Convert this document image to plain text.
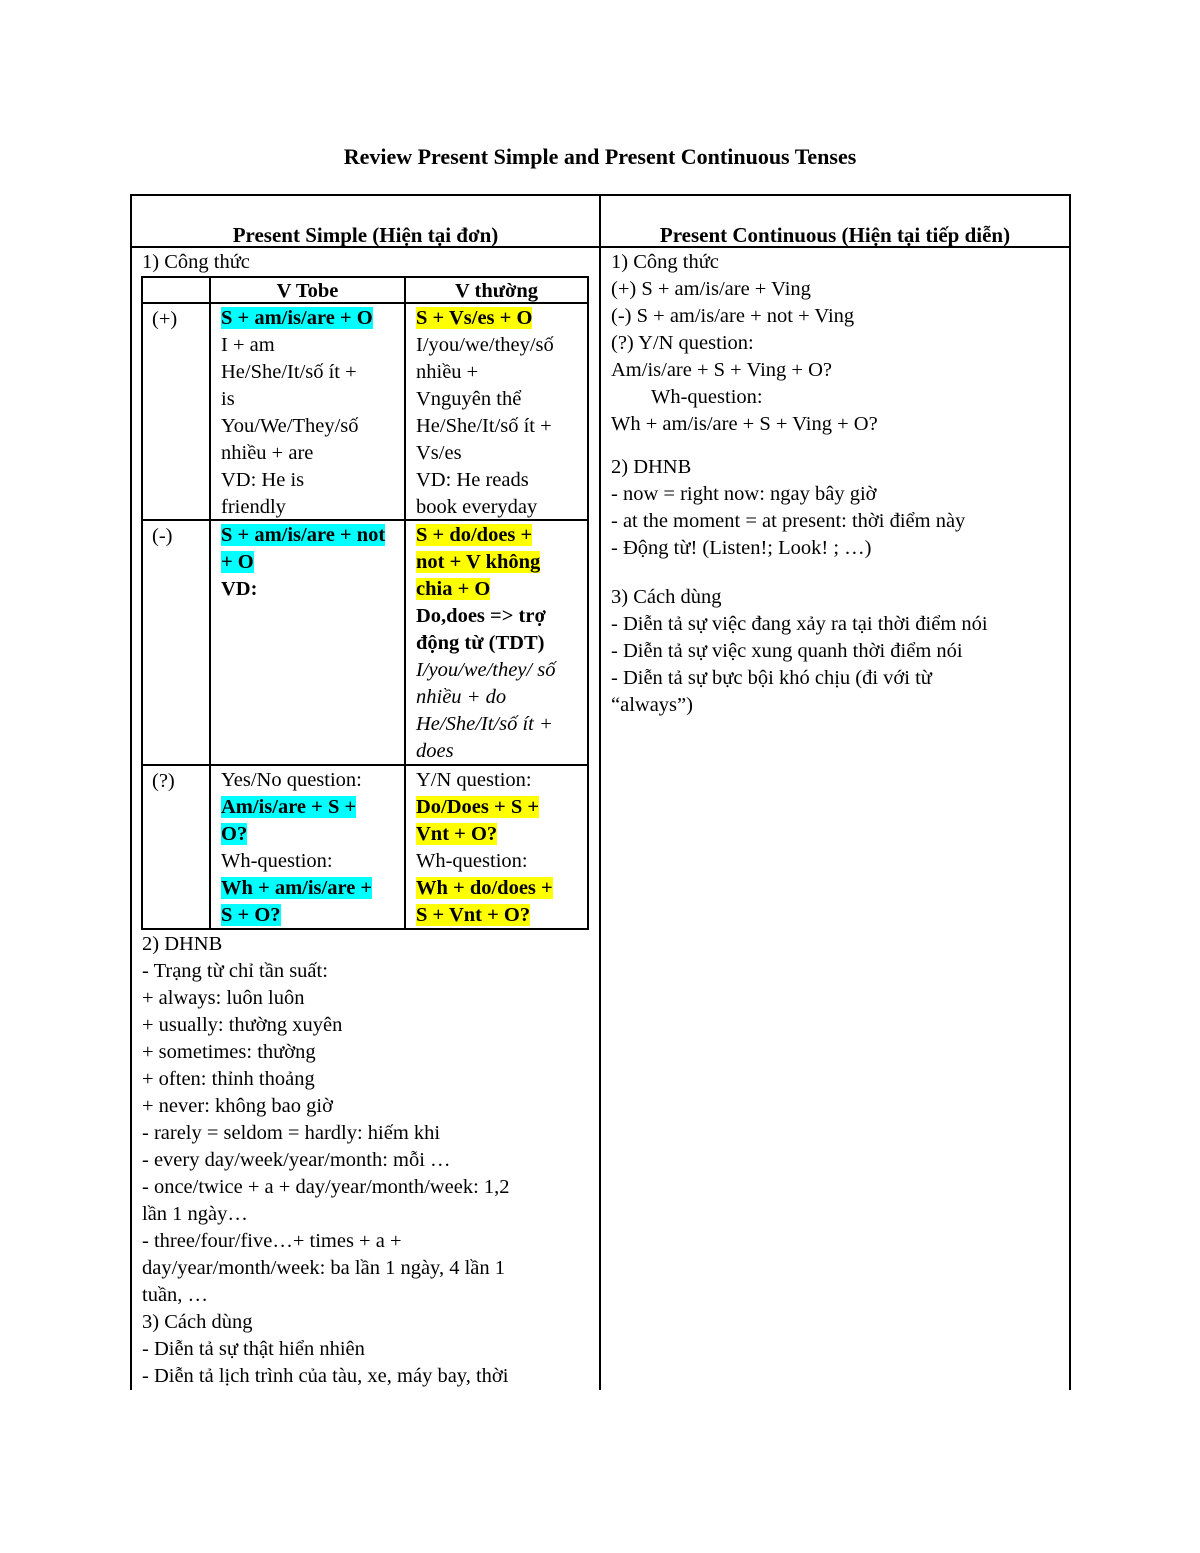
Review Present Simple and Present Continuous Tenses
Present Simple (Hiện tại đơn)	Present Continuous (Hiện tại tiếp diễn)
1) Công thức
V Tobe	V thường
(+)
(-)
(?)
S + am/is/are + O
I + am
He/She/It/số ít +
is
You/We/They/số
nhiều + are
VD: He is
friendly
S + Vs/es + O
I/you/we/they/số
nhiều +
Vnguyên thể
He/She/It/số ít +
Vs/es
VD: He reads
book everyday
S + am/is/are + not
+ O
VD:
S + do/does +
not + V không
chia + O
Do,does => trợ
động từ (TDT)
I/you/we/they/ số
nhiều + do
He/She/It/số ít +
does
Yes/No question:
Am/is/are + S +
O?
Wh-question:
Wh + am/is/are +
S + O?
Y/N question:
Do/Does + S +
Vnt + O?
Wh-question:
Wh + do/does +
S + Vnt + O?
2) DHNB
- Trạng từ chỉ tần suất:
+ always: luôn luôn
+ usually: thường xuyên
+ sometimes: thường
+ often: thỉnh thoảng
+ never: không bao giờ
- rarely = seldom = hardly: hiếm khi
- every day/week/year/month: mỗi …
- once/twice + a + day/year/month/week: 1,2
lần 1 ngày…
- three/four/five…+ times + a +
day/year/month/week: ba lần 1 ngày, 4 lần 1
tuần, …
3) Cách dùng
- Diễn tả sự thật hiển nhiên
- Diễn tả lịch trình của tàu, xe, máy bay, thời
1) Công thức
(+) S + am/is/are + Ving
(-) S + am/is/are + not + Ving
(?) Y/N question:
Am/is/are + S + Ving + O?
Wh-question:
Wh + am/is/are + S + Ving + O?
2) DHNB
- now = right now: ngay bây giờ
- at the moment = at present: thời điểm này
- Động từ! (Listen!; Look! ; …)
3) Cách dùng
- Diễn tả sự việc đang xảy ra tại thời điểm nói
- Diễn tả sự việc xung quanh thời điểm nói
- Diễn tả sự bực bội khó chịu (đi với từ
“always”)
